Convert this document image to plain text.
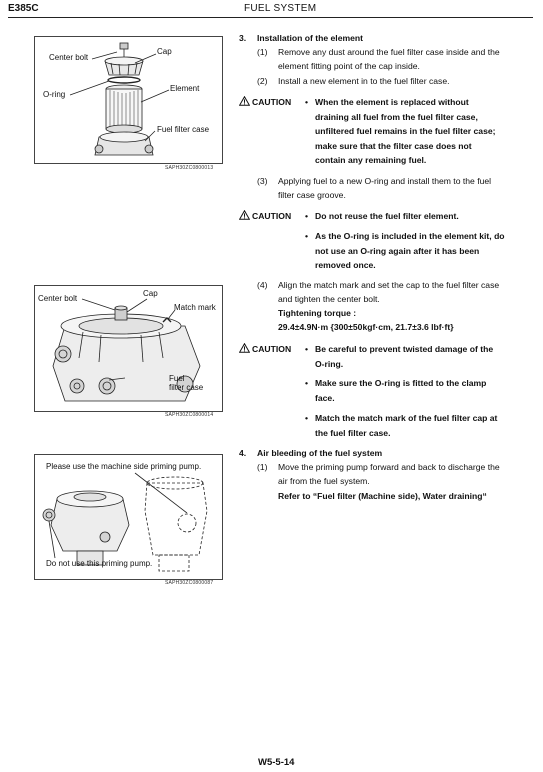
E385C	FUEL SYSTEM
Center bolt
Cap
O-ring
Element
Fuel filter case
SAPH30ZC0800013
Center bolt
Cap
Match mark
Fuel
filter case
SAPH30ZC0800014
Please use the machine side priming pump.
Do not use this priming pump.
SAPH30ZC0800087
3. Installation of the element
(1) Remove any dust around the fuel filter case inside and the
element fitting point of the cap inside.
(2) Install a new element in to the fuel filter case.
CAUTION • When the element is replaced without
draining all fuel from the fuel filter case,
unfiltered fuel remains in the fuel filter case;
make sure that the filter case does not
contain any remaining fuel.
(3) Applying fuel to a new O-ring and install them to the fuel
filter case groove.
CAUTION • Do not reuse the fuel filter element.
• As the O-ring is included in the element kit, do
not use an O-ring again after it has been
removed once.
(4) Align the match mark and set the cap to the fuel filter case
and tighten the center bolt.
Tightening torque :
29.4±4.9N·m {300±50kgf·cm, 21.7±3.6 lbf·ft}
CAUTION • Be careful to prevent twisted damage of the
O-ring.
• Make sure the O-ring is fitted to the clamp
face.
• Match the match mark of the fuel filter cap at
the fuel filter case.
4. Air bleeding of the fuel system
(1) Move the priming pump forward and back to discharge the
air from the fuel system.
Refer to “Fuel filter (Machine side), Water draining“
W5-5-14
